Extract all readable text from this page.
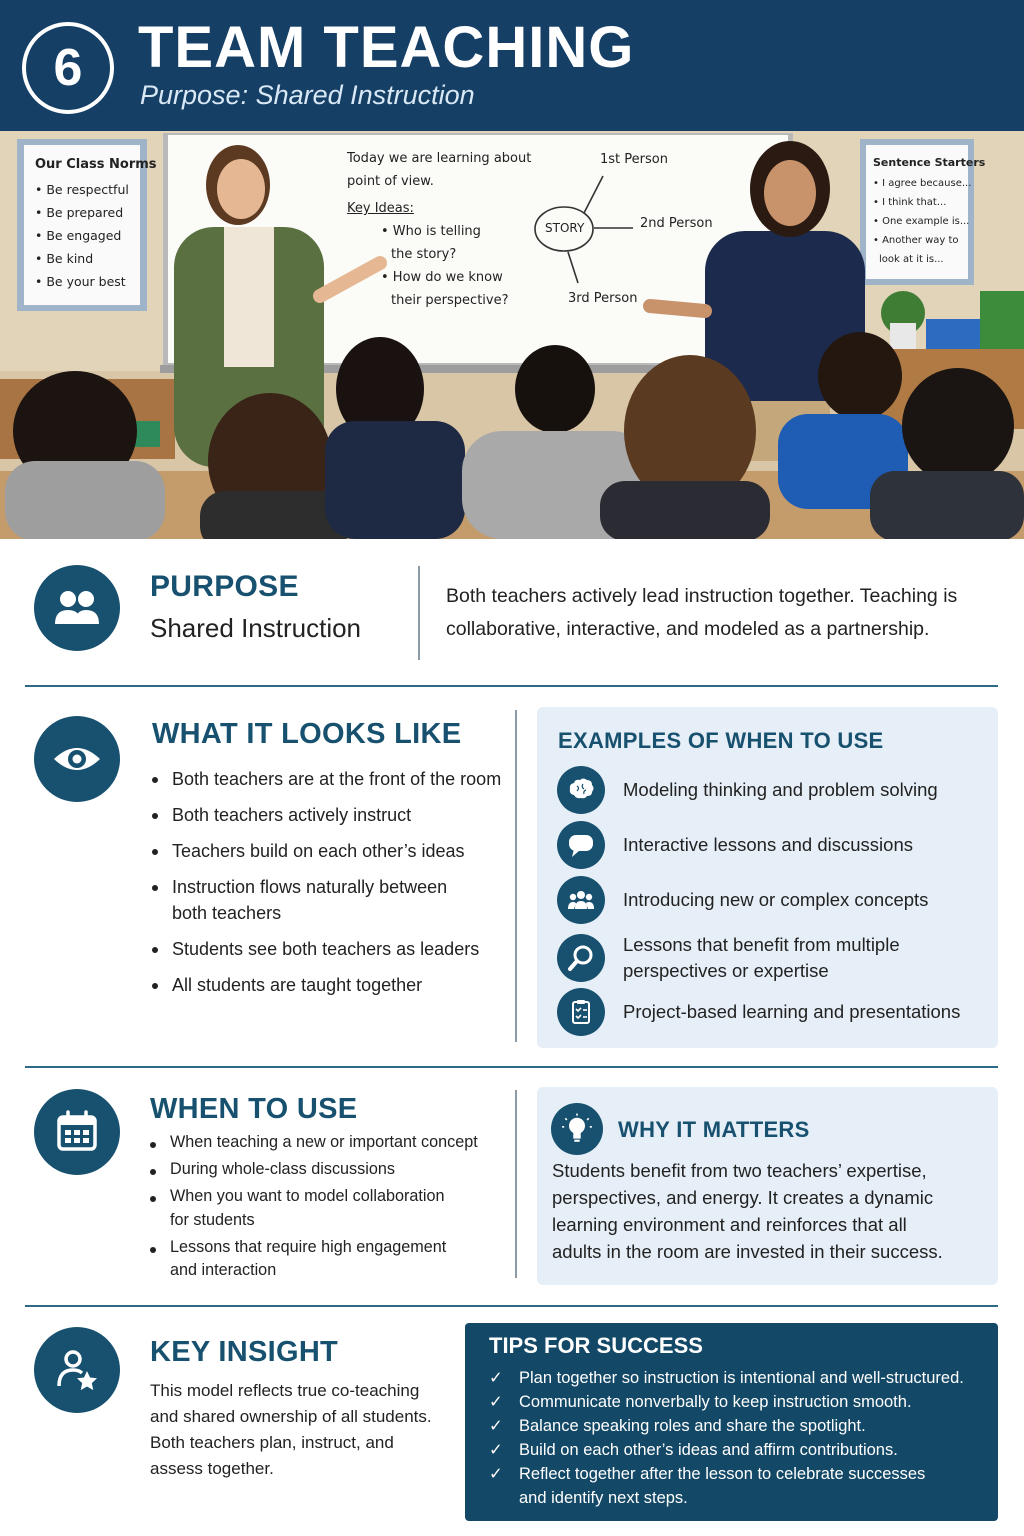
6 TEAM TEACHING
Purpose: Shared Instruction
Our Class Norms
• Be respectful
• Be prepared
• Be engaged
• Be kind
• Be your best
Today we are learning about
point of view.
Key Ideas:
• Who is telling
the story?
• How do we know
their perspective?
STORY
1st Person
2nd Person
3rd Person
Sentence Starters
• I agree because...
• I think that...
• One example is...
• Another way to
look at it is...
PURPOSE
Shared Instruction
Both teachers actively lead instruction together. Teaching is
collaborative, interactive, and modeled as a partnership.
WHAT IT LOOKS LIKE
Both teachers are at the front of the room
Both teachers actively instruct
Teachers build on each other’s ideas
Instruction flows naturally between
both teachers
Students see both teachers as leaders
All students are taught together
EXAMPLES OF WHEN TO USE
Modeling thinking and problem solving
Interactive lessons and discussions
Introducing new or complex concepts
Lessons that benefit from multiple
perspectives or expertise
Project-based learning and presentations
WHEN TO USE
When teaching a new or important concept
During whole-class discussions
When you want to model collaboration
for students
Lessons that require high engagement
and interaction
WHY IT MATTERS
Students benefit from two teachers’ expertise,
perspectives, and energy. It creates a dynamic
learning environment and reinforces that all
adults in the room are invested in their success.
KEY INSIGHT
This model reflects true co-teaching
and shared ownership of all students.
Both teachers plan, instruct, and
assess together.
TIPS FOR SUCCESS
✓ Plan together so instruction is intentional and well-structured.
✓ Communicate nonverbally to keep instruction smooth.
✓ Balance speaking roles and share the spotlight.
✓ Build on each other’s ideas and affirm contributions.
✓ Reflect together after the lesson to celebrate successes
and identify next steps.
